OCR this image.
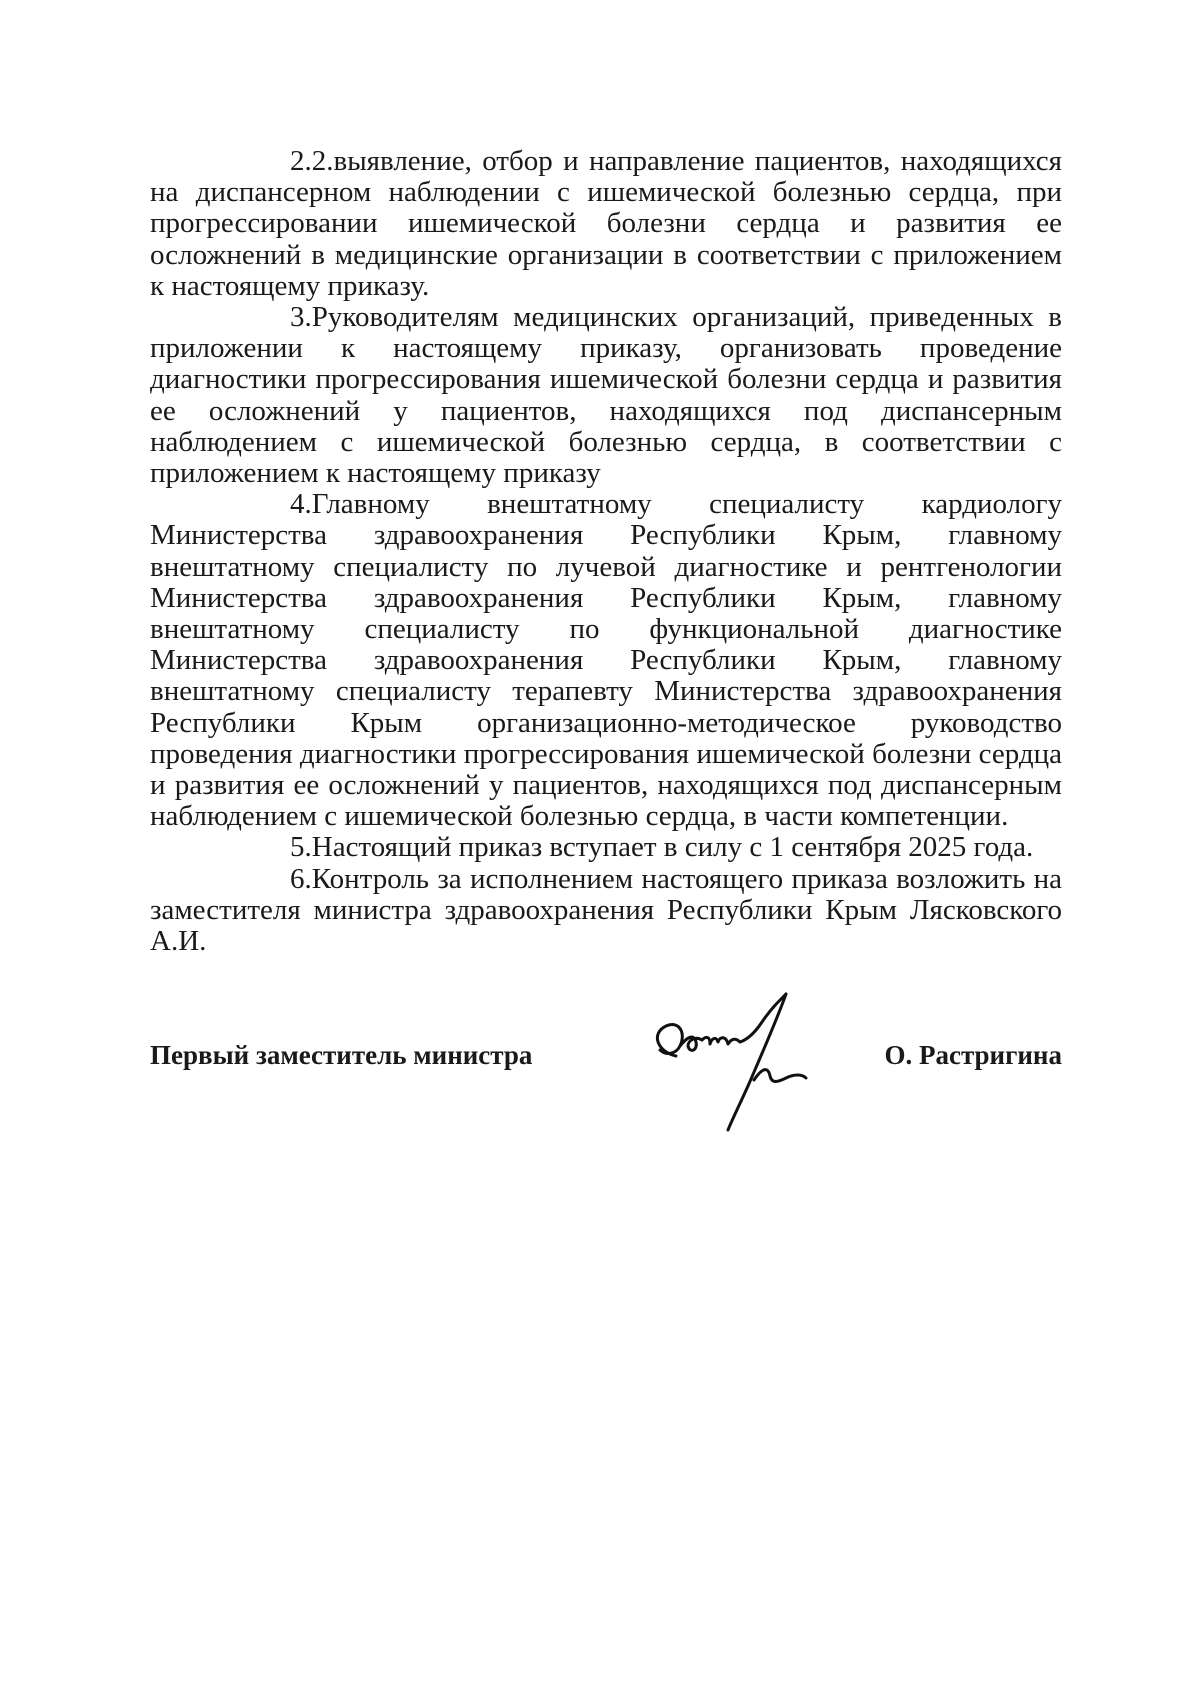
2.2.выявление, отбор и направление пациентов, находящихся на диспансерном наблюдении с ишемической болезнью сердца, при прогрессировании ишемической болезни сердца и развития ее осложнений в медицинские организации в соответствии с приложением к настоящему приказу.

3.Руководителям медицинских организаций, приведенных в приложении к настоящему приказу, организовать проведение диагностики прогрессирования ишемической болезни сердца и развития ее осложнений у пациентов, находящихся под диспансерным наблюдением с ишемической болезнью сердца, в соответствии с приложением к настоящему приказу

4.Главному внештатному специалисту кардиологу Министерства здравоохранения Республики Крым, главному внештатному специалисту по лучевой диагностике и рентгенологии Министерства здравоохранения Республики Крым, главному внештатному специалисту по функциональной диагностике Министерства здравоохранения Республики Крым, главному внештатному специалисту терапевту Министерства здравоохранения Республики Крым организационно-методическое руководство проведения диагностики прогрессирования ишемической болезни сердца и развития ее осложнений у пациентов, находящихся под диспансерным наблюдением с ишемической болезнью сердца, в части компетенции.

5.Настоящий приказ вступает в силу с 1 сентября 2025 года.

6.Контроль за исполнением настоящего приказа возложить на заместителя министра здравоохранения Республики Крым Лясковского А.И.

Первый заместитель министра	О. Растригина
